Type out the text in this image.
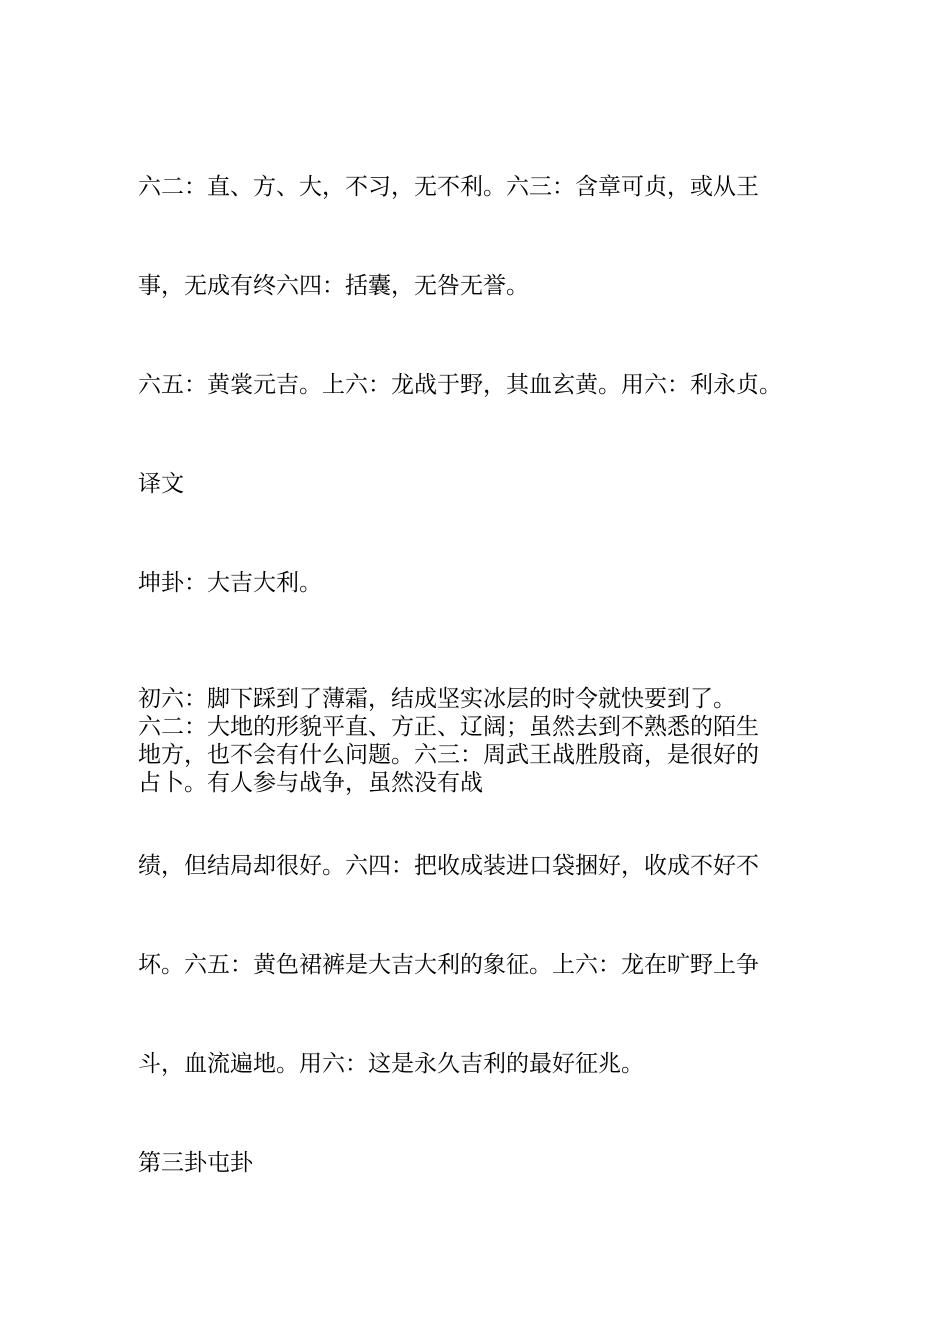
六二：直、方、大，不习，无不利。六三：含章可贞，或从王

事，无成有终六四：括囊，无咎无誉。

六五：黄裳元吉。上六：龙战于野，其血玄黄。用六：利永贞。

译文

坤卦：大吉大利。

初六：脚下踩到了薄霜，结成坚实冰层的时令就快要到了。

六二：大地的形貌平直、方正、辽阔；虽然去到不熟悉的陌生

地方，也不会有什么问题。六三：周武王战胜殷商，是很好的

占卜。有人参与战争，虽然没有战

绩，但结局却很好。六四：把收成装进口袋捆好，收成不好不

坏。六五：黄色裙裤是大吉大利的象征。上六：龙在旷野上争

斗，血流遍地。用六：这是永久吉利的最好征兆。

第三卦屯卦
